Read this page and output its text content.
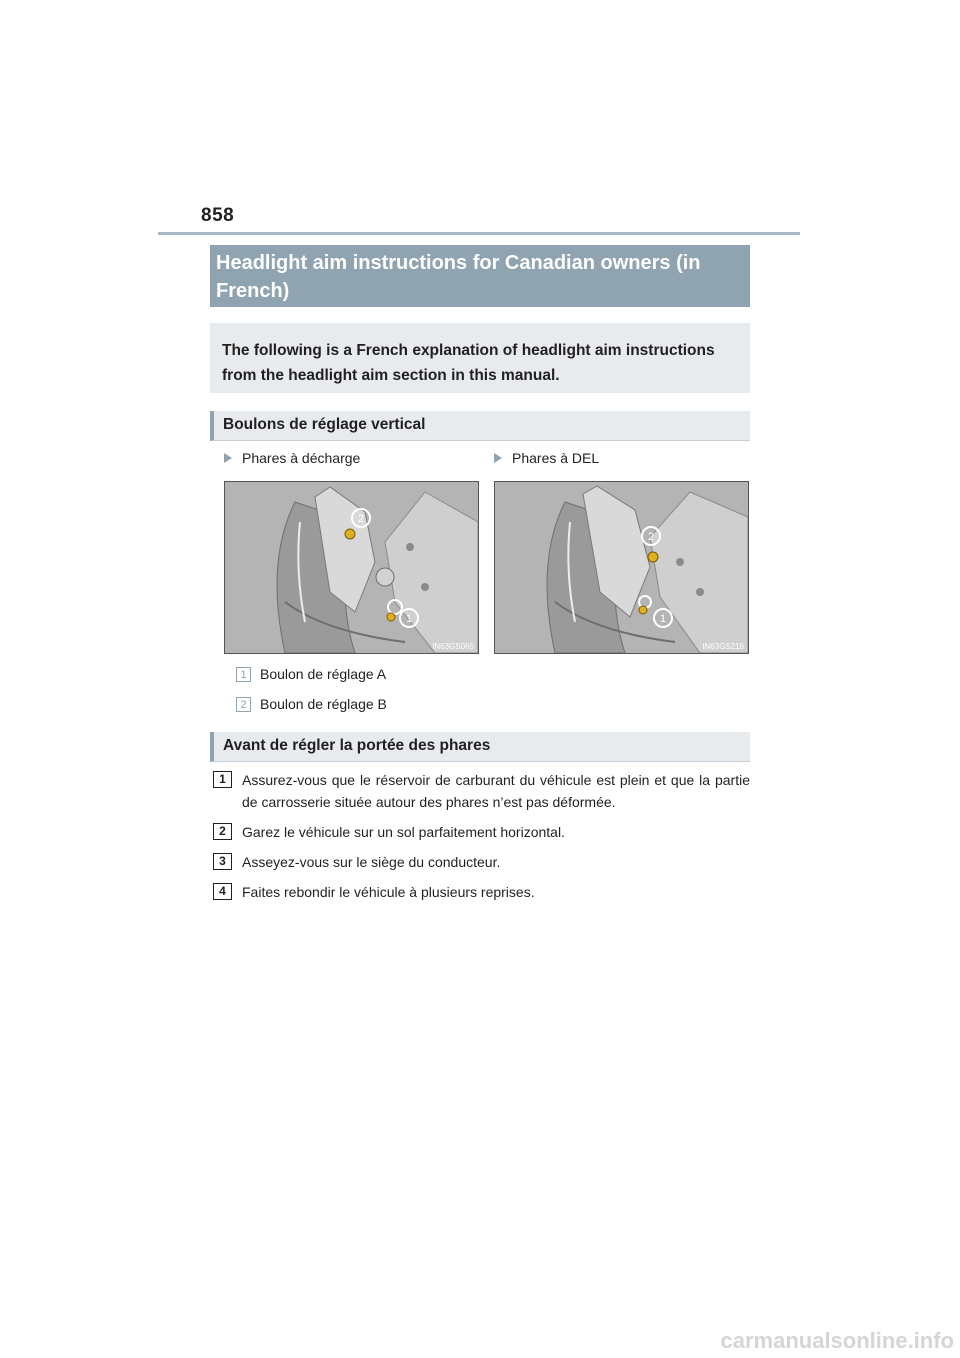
858
Headlight aim instructions for Canadian owners (in French)
The following is a French explanation of headlight aim instructions from the headlight aim section in this manual.
Boulons de réglage vertical
Phares à décharge	Phares à DEL
2
1
IN63GS065
2
1
IN63GS216
1 Boulon de réglage A
2 Boulon de réglage B
Avant de régler la portée des phares
1	Assurez-vous que le réservoir de carburant du véhicule est plein et que la partie de carrosserie située autour des phares n’est pas déformée.
2	Garez le véhicule sur un sol parfaitement horizontal.
3	Asseyez-vous sur le siège du conducteur.
4	Faites rebondir le véhicule à plusieurs reprises.
carmanualsonline.info
